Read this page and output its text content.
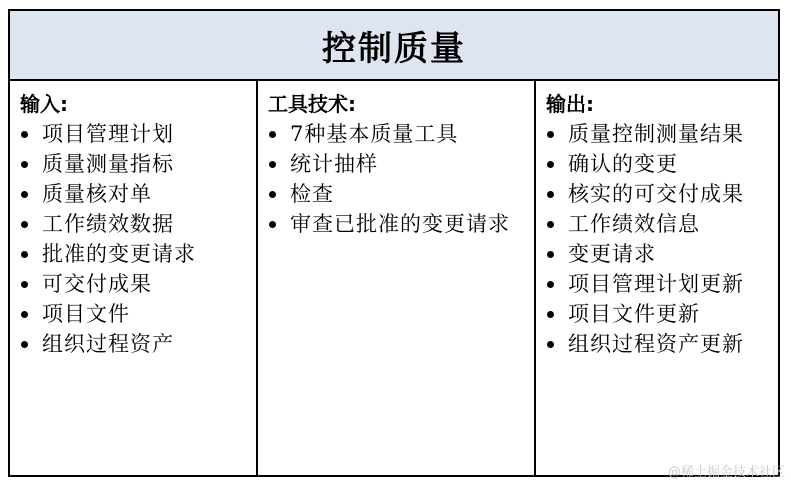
控制质量
输入:
项目管理计划
质量测量指标
质量核对单
工作绩效数据
批准的变更请求
可交付成果
项目文件
组织过程资产
工具技术:
7种基本质量工具
统计抽样
检查
审查已批准的变更请求
输出:
质量控制测量结果
确认的变更
核实的可交付成果
工作绩效信息
变更请求
项目管理计划更新
项目文件更新
组织过程资产更新
@稀土掘金技术社区
